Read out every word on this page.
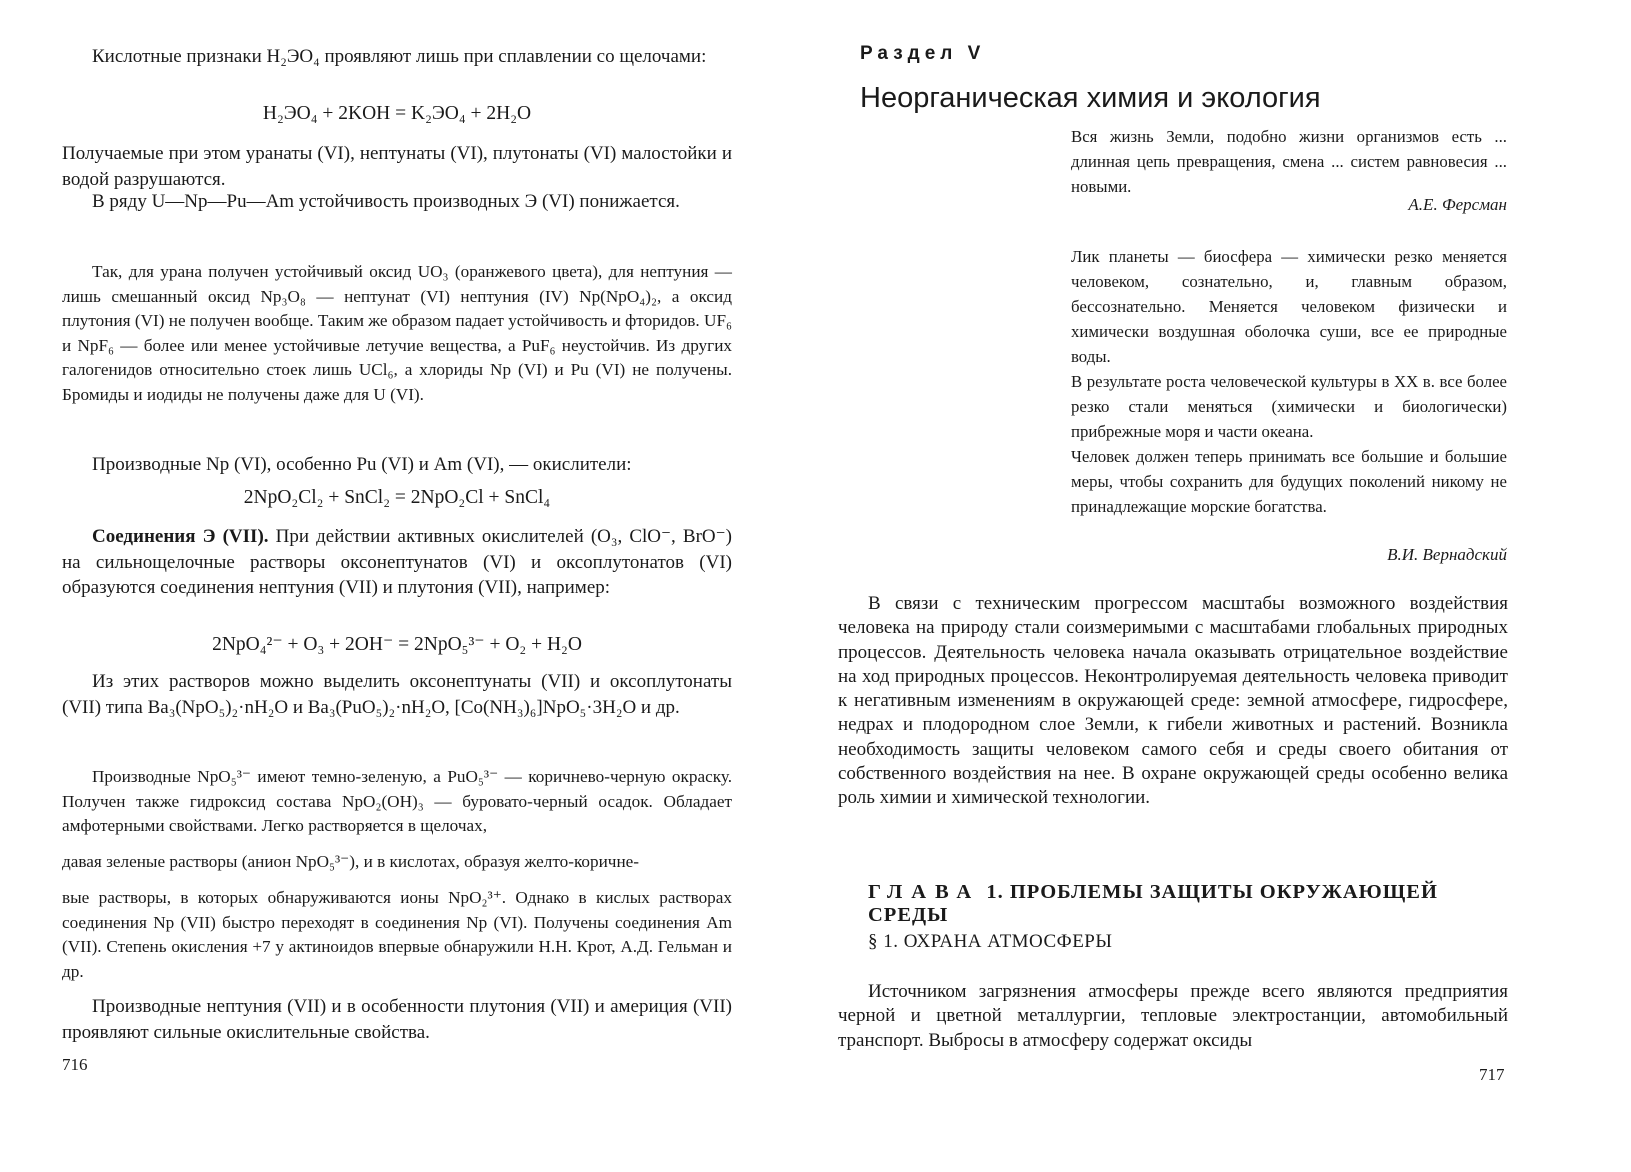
Кислотные признаки H₂ЭO₄ проявляют лишь при сплавлении со щелочами:

H₂ЭO₄ + 2KOH = K₂ЭO₄ + 2H₂O

Получаемые при этом уранаты (VI), нептунаты (VI), плутонаты (VI) малостойки и водой разрушаются.

В ряду U—Np—Pu—Am устойчивость производных Э (VI) понижается.

Так, для урана получен устойчивый оксид UO₃ (оранжевого цвета), для нептуния — лишь смешанный оксид Np₃O₈ — нептунат (VI) нептуния (IV) Np(NpO₄)₂, а оксид плутония (VI) не получен вообще. Таким же образом падает устойчивость и фторидов. UF₆ и NpF₆ — более или менее устойчивые летучие вещества, а PuF₆ неустойчив. Из других галогенидов относительно стоек лишь UCl₆, а хлориды Np (VI) и Pu (VI) не получены. Бромиды и иодиды не получены даже для U (VI).

Производные Np (VI), особенно Pu (VI) и Am (VI), — окислители:

2NpO₂Cl₂ + SnCl₂ = 2NpO₂Cl + SnCl₄

Соединения Э (VII). При действии активных окислителей (O₃, ClO⁻, BrO⁻) на сильнощелочные растворы оксонептунатов (VI) и оксоплутонатов (VI) образуются соединения нептуния (VII) и плутония (VII), например:

2NpO₄²⁻ + O₃ + 2OH⁻ = 2NpO₅³⁻ + O₂ + H₂O

Из этих растворов можно выделить оксонептунаты (VII) и оксоплутонаты (VII) типа Ba₃(NpO₅)₂·nH₂O и Ba₃(PuO₅)₂·nH₂O, [Co(NH₃)₆]NpO₅·3H₂O и др.

Производные NpO₅³⁻ имеют темно-зеленую, а PuO₅³⁻ — коричнево-черную окраску. Получен также гидроксид состава NpO₂(OH)₃ — буровато-черный осадок. Обладает амфотерными свойствами. Легко растворяется в щелочах,

давая зеленые растворы (анион NpO₅³⁻), и в кислотах, образуя желто-коричне-

вые растворы, в которых обнаруживаются ионы NpO₂³⁺. Однако в кислых растворах соединения Np (VII) быстро переходят в соединения Np (VI). Получены соединения Am (VII). Степень окисления +7 у актиноидов впервые обнаружили Н.Н. Крот, А.Д. Гельман и др.

Производные нептуния (VII) и в особенности плутония (VII) и америция (VII) проявляют сильные окислительные свойства.

716
Раздел V
Неорганическая химия и экология

Вся жизнь Земли, подобно жизни организмов есть ... длинная цепь превращения, смена ... систем равновесия ... новыми.

А.Е. Ферсман

Лик планеты — биосфера — химически резко меняется человеком, сознательно, и, главным образом, бессознательно. Меняется человеком физически и химически воздушная оболочка суши, все ее природные воды.

В результате роста человеческой культуры в XX в. все более резко стали меняться (химически и биологически) прибрежные моря и части океана.

Человек должен теперь принимать все большие и большие меры, чтобы сохранить для будущих поколений никому не принадлежащие морские богатства.

В.И. Вернадский

В связи с техническим прогрессом масштабы возможного воздействия человека на природу стали соизмеримыми с масштабами глобальных природных процессов. Деятельность человека начала оказывать отрицательное воздействие на ход природных процессов. Неконтролируемая деятельность человека приводит к негативным изменениям в окружающей среде: земной атмосфере, гидросфере, недрах и плодородном слое Земли, к гибели животных и растений. Возникла необходимость защиты человеком самого себя и среды своего обитания от собственного воздействия на нее. В охране окружающей среды особенно велика роль химии и химической технологии.

ГЛАВА 1. ПРОБЛЕМЫ ЗАЩИТЫ ОКРУЖАЮЩЕЙ СРЕДЫ
§ 1. ОХРАНА АТМОСФЕРЫ

Источником загрязнения атмосферы прежде всего являются предприятия черной и цветной металлургии, тепловые электростанции, автомобильный транспорт. Выбросы в атмосферу содержат оксиды

717
